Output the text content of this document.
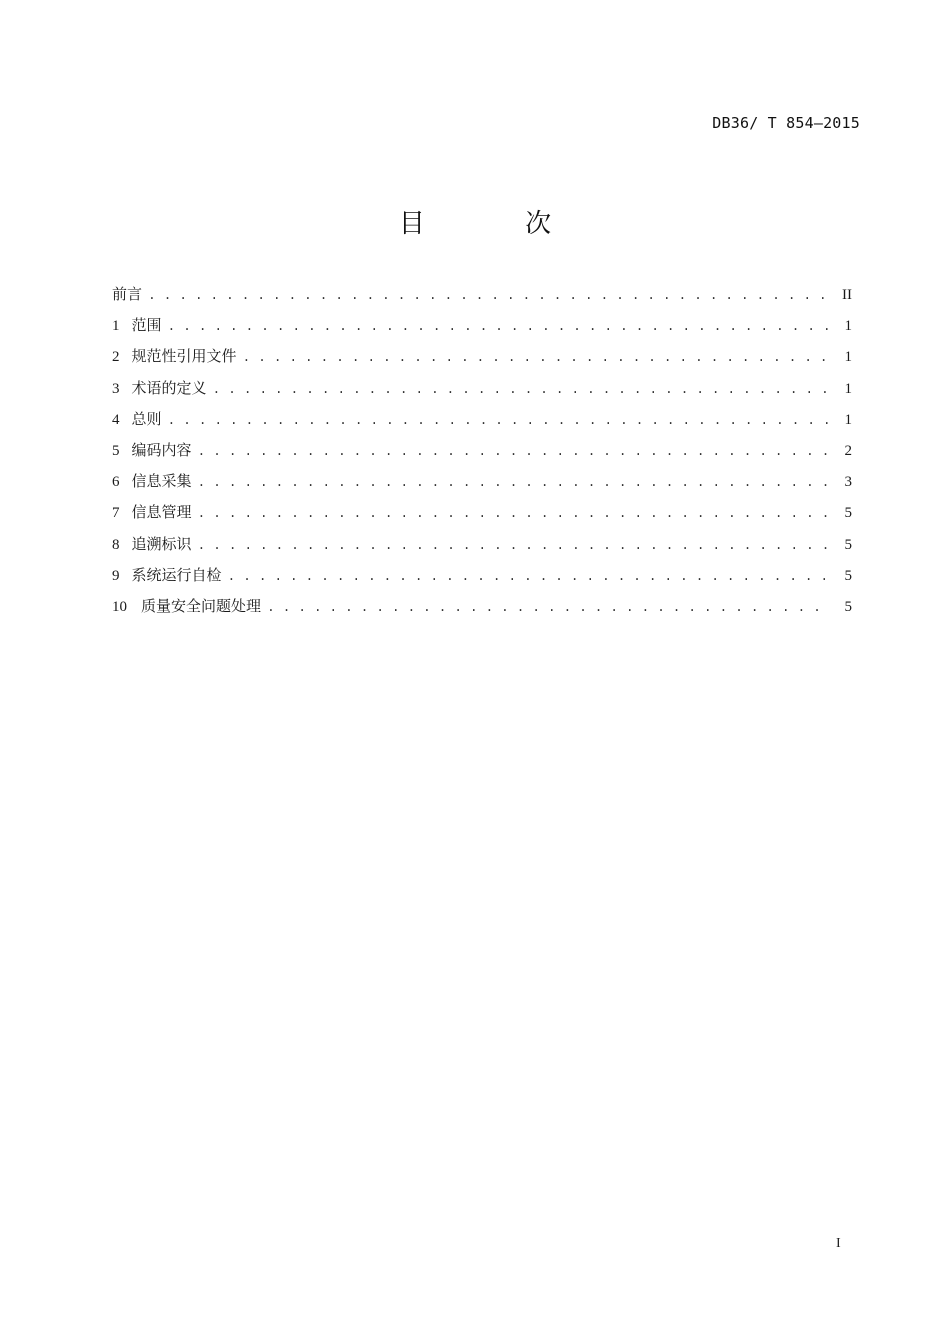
DB36/ T 854—2015
目 次
前言 . . .	II
1 范围 . . .	1
2 规范性引用文件 . . .	1
3 术语的定义 . . .	1
4 总则 . . .	1
5 编码内容 . . .	2
6 信息采集 . . .	3
7 信息管理 . . .	5
8 追溯标识 . . .	5
9 系统运行自检 . . .	5
10 质量安全问题处理 . . .	5
I
